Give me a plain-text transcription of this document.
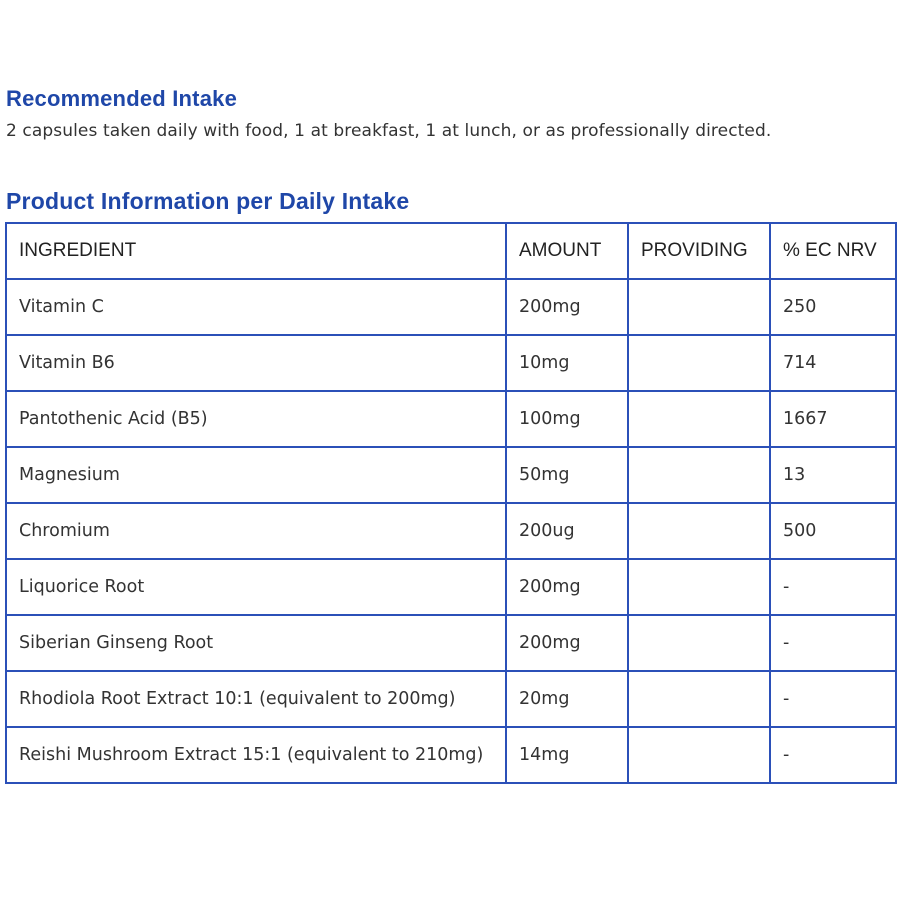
Recommended Intake

2 capsules taken daily with food, 1 at breakfast, 1 at lunch, or as professionally directed.

Product Information per Daily Intake
INGREDIENT	AMOUNT	PROVIDING	% EC NRV
Vitamin C	200mg		250
Vitamin B6	10mg		714
Pantothenic Acid (B5)	100mg		1667
Magnesium	50mg		13
Chromium	200ug		500
Liquorice Root	200mg		-
Siberian Ginseng Root	200mg		-
Rhodiola Root Extract 10:1 (equivalent to 200mg)	20mg		-
Reishi Mushroom Extract 15:1 (equivalent to 210mg)	14mg		-
